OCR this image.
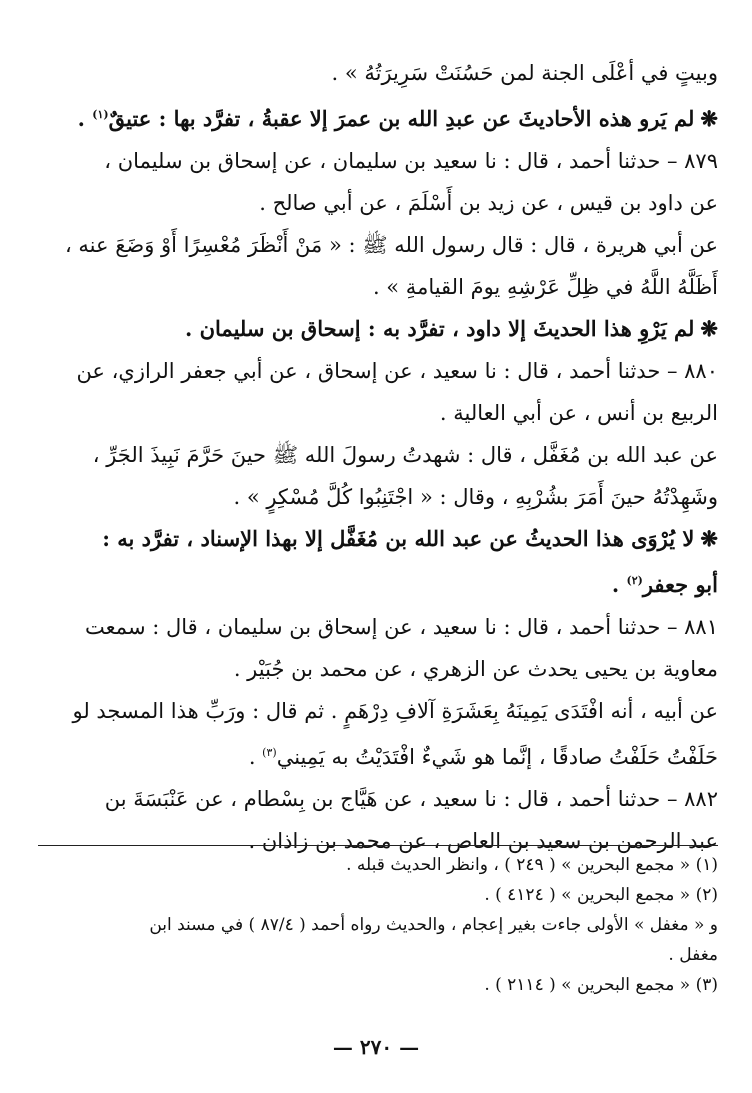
وبيتٍ في أعْلَى الجنة لمن حَسُنَتْ سَرِيرَتُهُ » .
❋لم يَرو هذه الأحاديثَ عن عبدِ الله بن عمرَ إلا عقبةُ ، تفرَّد بها : عتيقٌ$^{(١)}$ .
٨٧٩ – حدثنا أحمد ، قال : نا سعيد بن سليمان ، عن إسحاق بن سليمان ،
عن داود بن قيس ، عن زيد بن أَسْلَمَ ، عن أبي صالح .
عن أبي هريرة ، قال : قال رسول الله ﷺ : « مَنْ أَنْظَرَ مُعْسِرًا أَوْ وَضَعَ عنه ،
أَظَلَّهُ اللَّهُ في ظِلِّ عَرْشِهِ يومَ القيامةِ » .
❋لم يَرْوِ هذا الحديثَ إلا داود ، تفرَّد به : إسحاق بن سليمان .
٨٨٠ – حدثنا أحمد ، قال : نا سعيد ، عن إسحاق ، عن أبي جعفر الرازي، عن
الربيع بن أنس ، عن أبي العالية .
عن عبد الله بن مُغَفَّل ، قال : شهدتُ رسولَ الله ﷺ حينَ حَرَّمَ نَبِيذَ الجَرِّ ،
وشَهِدْتُهُ حينَ أَمَرَ بشُرْبِهِ ، وقال : « اجْتَنِبُوا كُلَّ مُسْكِرٍ » .
❋لا يُرْوَى هذا الحديثُ عن عبد الله بن مُغَفَّل إلا بهذا الإسناد ، تفرَّد به :
أبو جعفر$^{(٢)}$ .
٨٨١ – حدثنا أحمد ، قال : نا سعيد ، عن إسحاق بن سليمان ، قال : سمعت
معاوية بن يحيى يحدث عن الزهري ، عن محمد بن جُبَيْر .
عن أبيه ، أنه افْتَدَى يَمِينَهُ بِعَشَرَةِ آلافِ دِرْهَمٍ . ثم قال : ورَبِّ هذا المسجد لو
حَلَفْتُ حَلَفْتُ صادقًا ، إنَّما هو شَيءٌ افْتَدَيْتُ به يَمِيني$^{(٣)}$ .
٨٨٢ – حدثنا أحمد ، قال : نا سعيد ، عن هَيَّاج بن بِسْطام ، عن عَنْبَسَةَ بن
عبد الرحمن بن سعيد بن العاص ، عن محمد بن زاذان .
(١) « مجمع البحرين » ( ٢٤٩ ) ، وانظر الحديث قبله .
(٢) « مجمع البحرين » ( ٤١٢٤ ) .
و « مغفل » الأولى جاءت بغير إعجام ، والحديث رواه أحمد ( ٨٧/٤ ) في مسند ابن
مغفل .
(٣) « مجمع البحرين » ( ٢١١٤ ) .
— ٢٧٠ —
